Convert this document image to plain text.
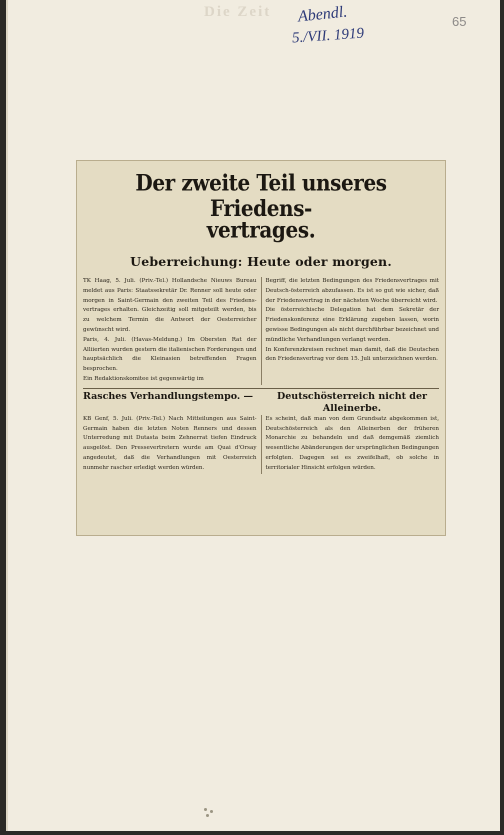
Die Zeit Abendl.
5./VII. 1919
65
Der zweite Teil unseres Friedens-
vertrages.
Ueberreichung: Heute oder morgen.

TK Haag, 5. Juli. (Priv.-Tel.) Hollandsche Nieuws Bureau meldet aus Paris: Staatssekretär Dr. Renner soll heute oder morgen in Saint-Germain den zweiten Teil des Friedens-vertrages erhalten. Gleichzeitig soll mitgeteilt werden, bis zu welchem Termin die Antwort der Oesterreicher gewünscht wird.

Paris, 4. Juli. (Havas-Meldung.) Im Obersten Rat der Alliierten wurden gestern die italienischen Forderungen und hauptsächlich die Kleinasien betreffenden Fragen besprochen.

Ein Redaktionskomitee ist gegenwärtig im

Begriff, die letzten Bedingungen des Friedensvertrages mit Deutsch-österreich abzufassen. Es ist so gut wie sicher, daß der Friedensvertrag in der nächsten Woche überreicht wird.

Die österreichische Delegation hat dem Sekretär der Friedenskonferenz eine Erklärung zugehen lassen, worin gewisse Bedingungen als nicht durchführbar bezeichnet und mündliche Verhandlungen verlangt werden.

In Konferenzkreisen rechnet man damit, daß die Deutschen den Friedensvertrag vor dem 15. Juli unterzeichnen werden.

Rasches Verhandlungstempo. —	Deutschösterreich nicht der Alleinerbe.

KB Genf, 5. Juli. (Priv.-Tel.) Nach Mitteilungen aus Saint-Germain haben die letzten Noten Renners und dessen Unterredung mit Dutasta beim Zehnerrat tiefen Eindruck ausgelöst. Den Pressevertretern wurde am Quai d'Orsay angedeutet, daß die Verhandlungen mit Oesterreich nunmehr rascher erledigt werden würden.

Es scheint, daß man von dem Grundsatz abgekommen ist, Deutschösterreich als den Alleinerben der früheren Monarchie zu behandeln und daß demgemäß ziemlich wesentliche Abänderungen der ursprünglichen Bedingungen erfolgten. Dagegen sei es zweifelhaft, ob solche in territorialer Hinsicht erfolgen würden.
